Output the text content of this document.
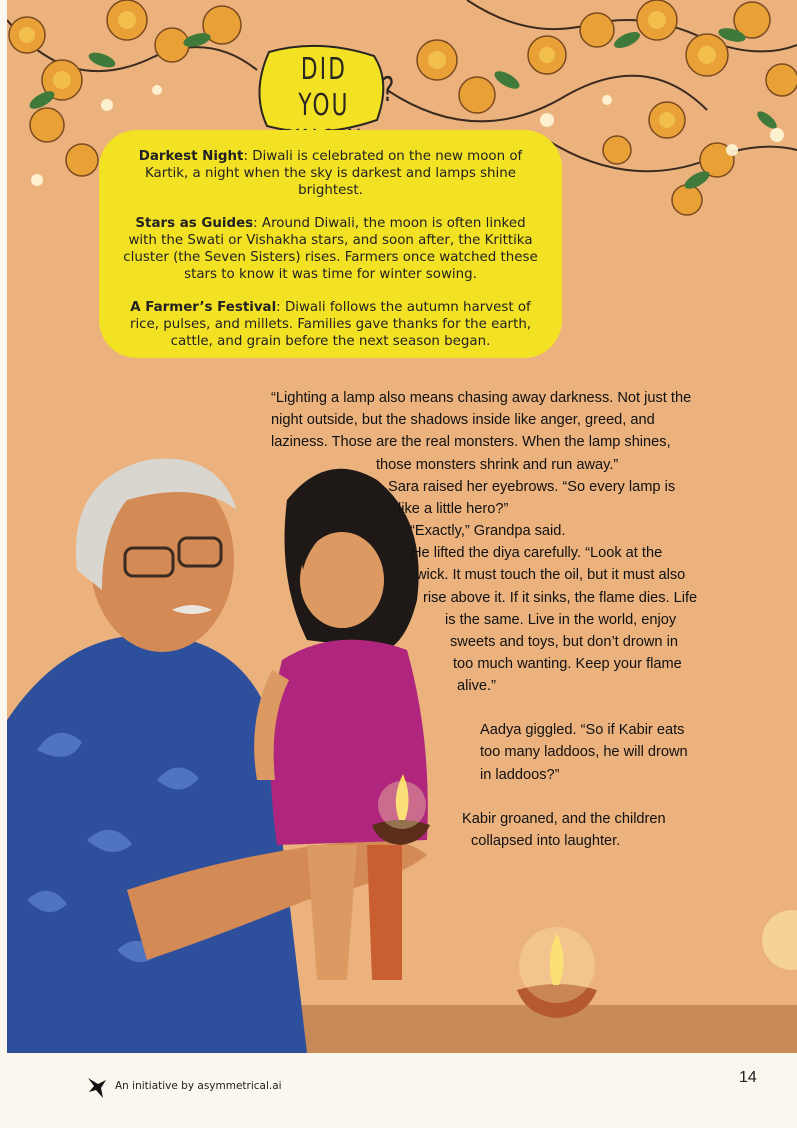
DID YOU ?

Darkest Night: Diwali is celebrated on the new moon of Kartik, a night when the sky is darkest and lamps shine brightest.

Stars as Guides: Around Diwali, the moon is often linked with the Swati or Vishakha stars, and soon after, the Krittika cluster (the Seven Sisters) rises. Farmers once watched these stars to know it was time for winter sowing.

A Farmer’s Festival: Diwali follows the autumn harvest of rice, pulses, and millets. Families gave thanks for the earth, cattle, and grain before the next season began.

“Lighting a lamp also means chasing away darkness. Not just the
night outside, but the shadows inside like anger, greed, and
laziness. Those are the real monsters. When the lamp shines,
those monsters shrink and run away.”
Sara raised her eyebrows. “So every lamp is
like a little hero?”
“Exactly,” Grandpa said.
He lifted the diya carefully. “Look at the
wick. It must touch the oil, but it must also
rise above it. If it sinks, the flame dies. Life
is the same. Live in the world, enjoy
sweets and toys, but don’t drown in
too much wanting. Keep your flame
alive.”
Aadya giggled. “So if Kabir eats
too many laddoos, he will drown
in laddoos?”
Kabir groaned, and the children
collapsed into laughter.
An initiative by asymmetrical.ai	14
